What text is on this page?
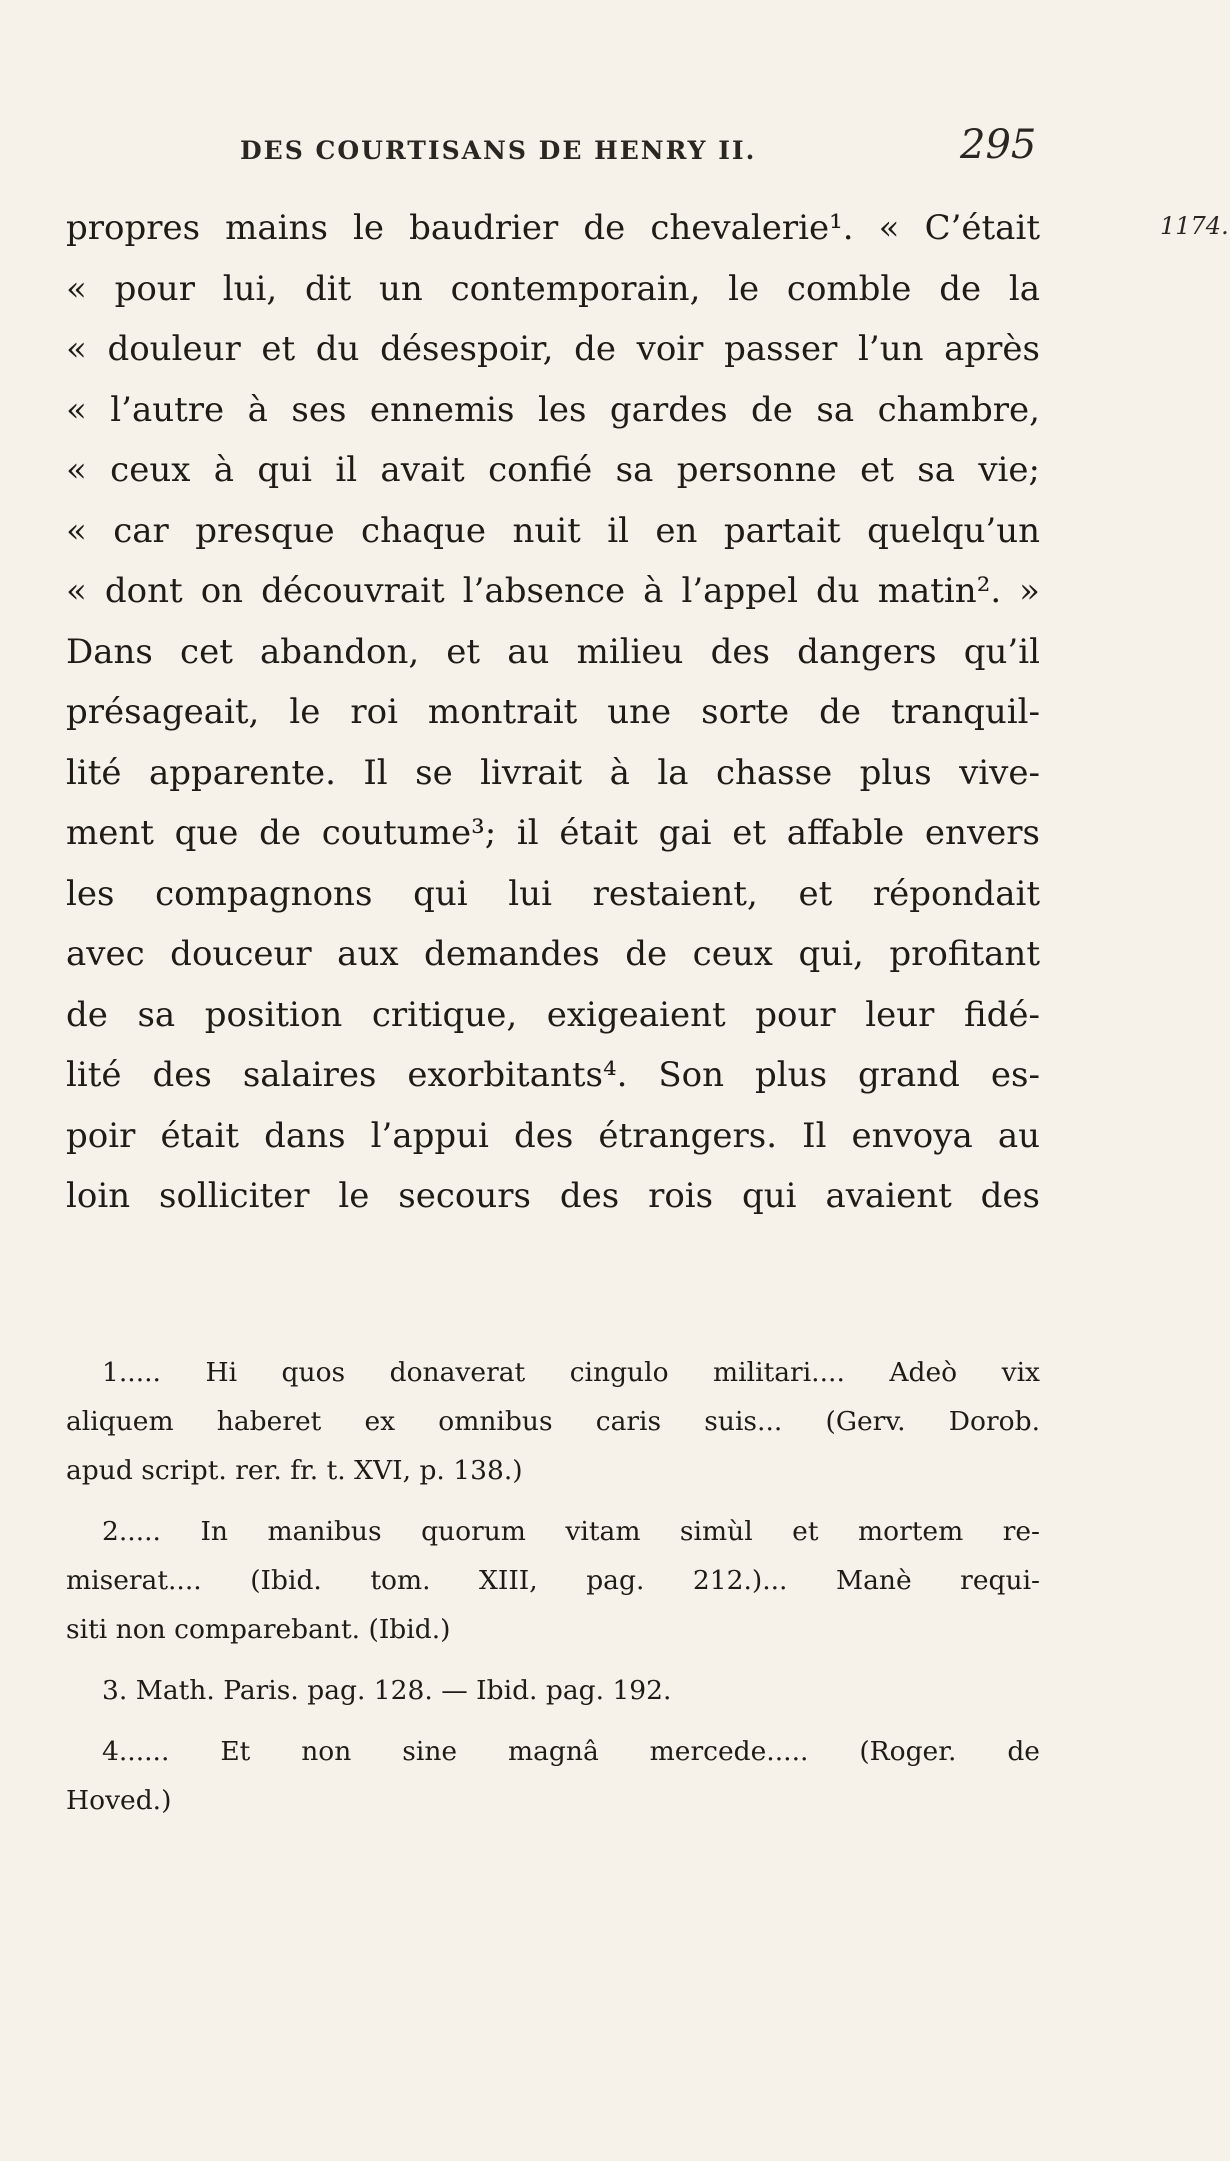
DES COURTISANS DE HENRY II.	295
1174.
propres mains le baudrier de chevalerie¹. « C’était
« pour lui, dit un contemporain, le comble de la
« douleur et du désespoir, de voir passer l’un après
« l’autre à ses ennemis les gardes de sa chambre,
« ceux à qui il avait confié sa personne et sa vie;
« car presque chaque nuit il en partait quelqu’un
« dont on découvrait l’absence à l’appel du matin². »
Dans cet abandon, et au milieu des dangers qu’il
présageait, le roi montrait une sorte de tranquil-
lité apparente. Il se livrait à la chasse plus vive-
ment que de coutume³; il était gai et affable envers
les compagnons qui lui restaient, et répondait
avec douceur aux demandes de ceux qui, profitant
de sa position critique, exigeaient pour leur fidé-
lité des salaires exorbitants⁴. Son plus grand es-
poir était dans l’appui des étrangers. Il envoya au
loin solliciter le secours des rois qui avaient des
1..... Hi quos donaverat cingulo militari.... Adeò vix
aliquem haberet ex omnibus caris suis... (Gerv. Dorob.
apud script. rer. fr. t. XVI, p. 138.)
2..... In manibus quorum vitam simùl et mortem re-
miserat.... (Ibid. tom. XIII, pag. 212.)... Manè requi-
siti non comparebant. (Ibid.)
3. Math. Paris. pag. 128. — Ibid. pag. 192.
4...... Et non sine magnâ mercede..... (Roger. de
Hoved.)
